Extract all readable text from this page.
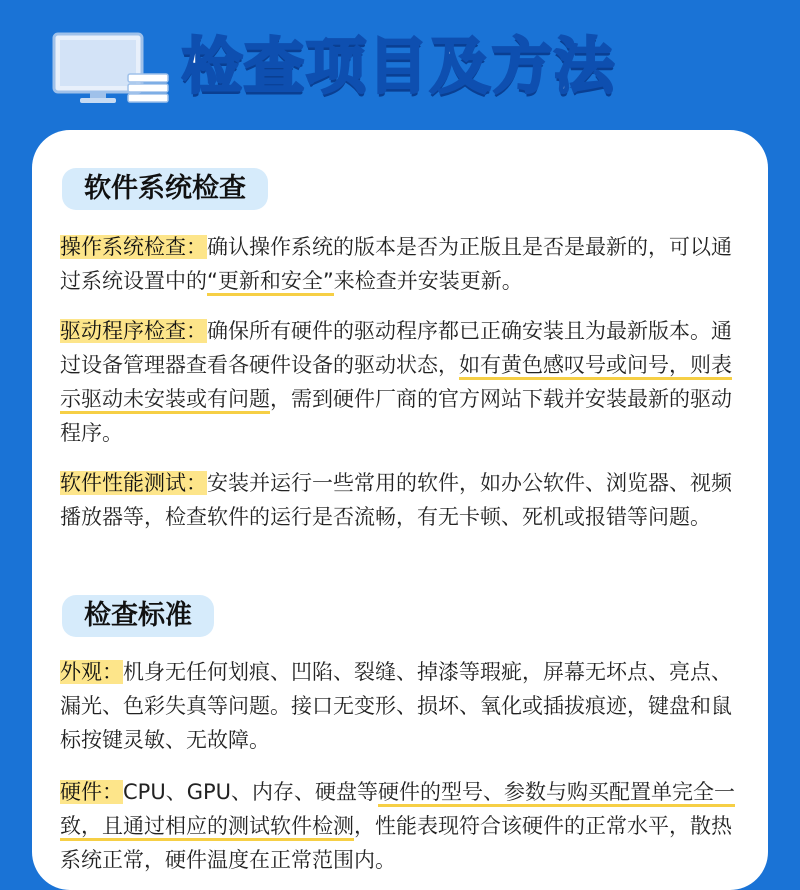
检查项目及方法
软件系统检查
操作系统检查：确认操作系统的版本是否为正版且是否是最新的，可以通过系统设置中的“更新和安全”来检查并安装更新。
驱动程序检查：确保所有硬件的驱动程序都已正确安装且为最新版本。通过设备管理器查看各硬件设备的驱动状态，如有黄色感叹号或问号，则表示驱动未安装或有问题，需到硬件厂商的官方网站下载并安装最新的驱动程序。
软件性能测试：安装并运行一些常用的软件，如办公软件、浏览器、视频播放器等，检查软件的运行是否流畅，有无卡顿、死机或报错等问题。
检查标准
外观：机身无任何划痕、凹陷、裂缝、掉漆等瑕疵，屏幕无坏点、亮点、漏光、色彩失真等问题。接口无变形、损坏、氧化或插拔痕迹，键盘和鼠标按键灵敏、无故障。
硬件：CPU、GPU、内存、硬盘等硬件的型号、参数与购买配置单完全一致，且通过相应的测试软件检测，性能表现符合该硬件的正常水平，散热系统正常，硬件温度在正常范围内。
